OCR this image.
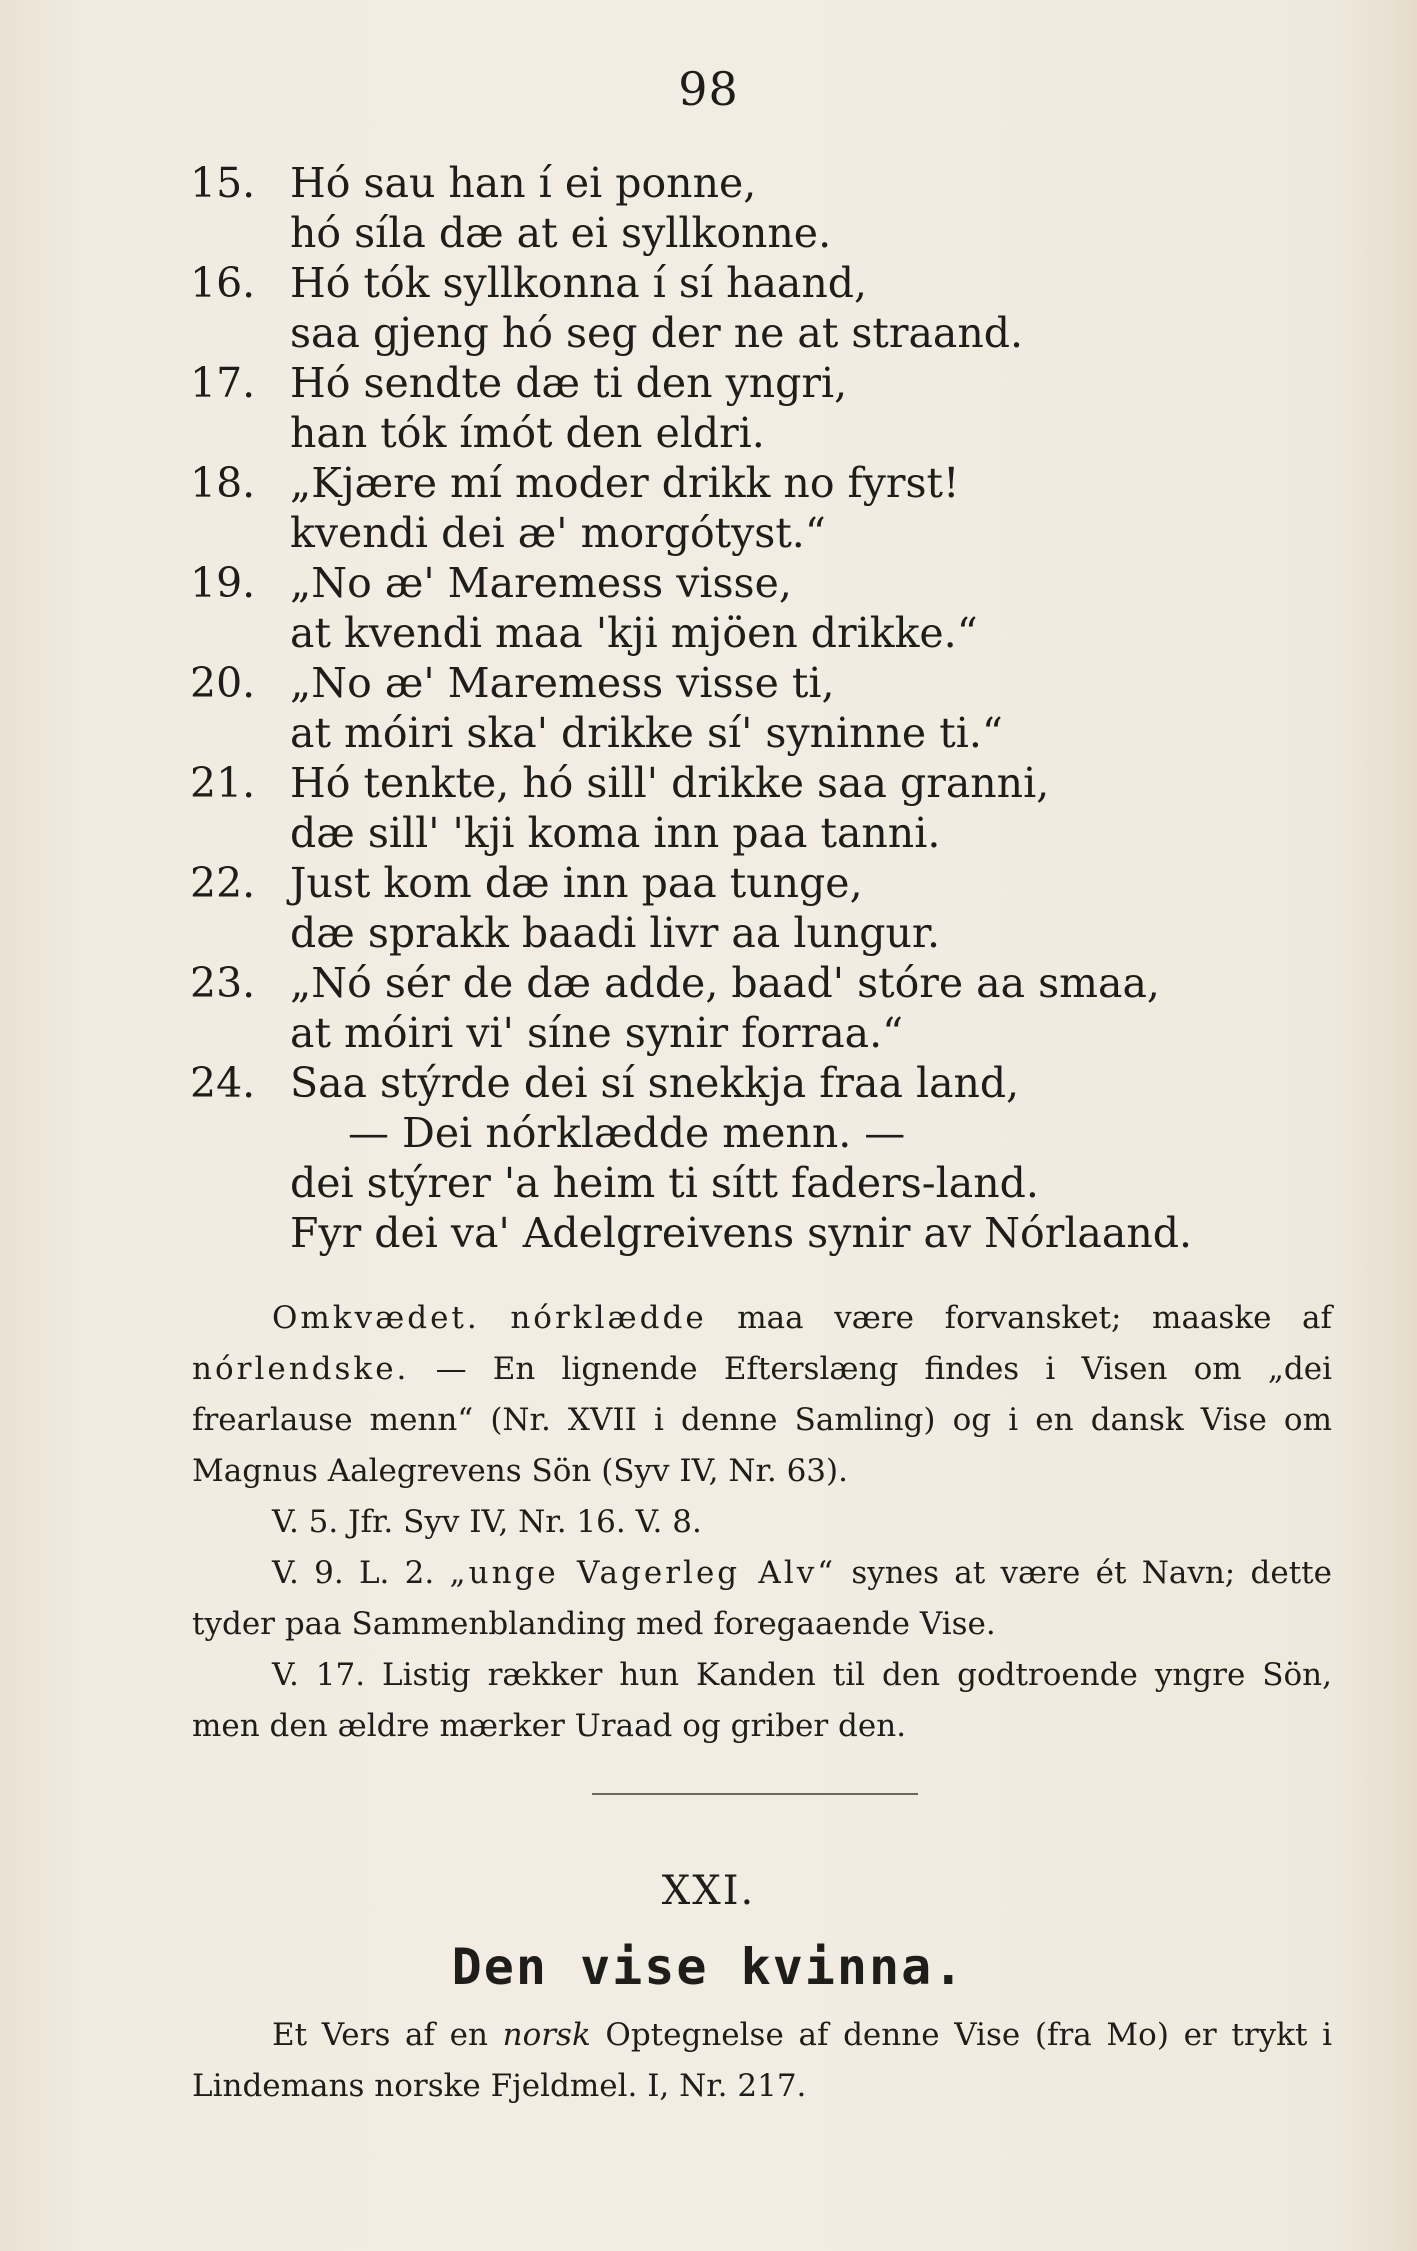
98
15. Hó sau han í ei ponne,
hó síla dæ at ei syllkonne.
16. Hó tók syllkonna í sí haand,
saa gjeng hó seg der ne at straand.
17. Hó sendte dæ ti den yngri,
han tók ímót den eldri.
18. „Kjære mí moder drikk no fyrst!
kvendi dei æ' morgótyst.“
19. „No æ' Maremess visse,
at kvendi maa 'kji mjöen drikke.“
20. „No æ' Maremess visse ti,
at móiri ska' drikke sí' syninne ti.“
21. Hó tenkte, hó sill' drikke saa granni,
dæ sill' 'kji koma inn paa tanni.
22. Just kom dæ inn paa tunge,
dæ sprakk baadi livr aa lungur.
23. „Nó sér de dæ adde, baad' stóre aa smaa,
at móiri vi' síne synir forraa.“
24. Saa stýrde dei sí snekkja fraa land,
— Dei nórklædde menn. —
dei stýrer 'a heim ti sítt faders-land.
Fyr dei va' Adelgreivens synir av Nórlaand.

Omkvædet. nórklædde maa være forvansket; maaske af nórlendske. — En lignende Efterslæng findes i Visen om „dei frearlause menn“ (Nr. XVII i denne Samling) og i en dansk Vise om Magnus Aalegrevens Sön (Syv IV, Nr. 63).

V. 5. Jfr. Syv IV, Nr. 16. V. 8.

V. 9. L. 2. „unge Vagerleg Alv“ synes at være ét Navn; dette tyder paa Sammenblanding med foregaaende Vise.

V. 17. Listig rækker hun Kanden til den godtroende yngre Sön, men den ældre mærker Uraad og griber den.

XXI.
Den vise kvinna.

Et Vers af en norsk Optegnelse af denne Vise (fra Mo) er trykt i Lindemans norske Fjeldmel. I, Nr. 217.
